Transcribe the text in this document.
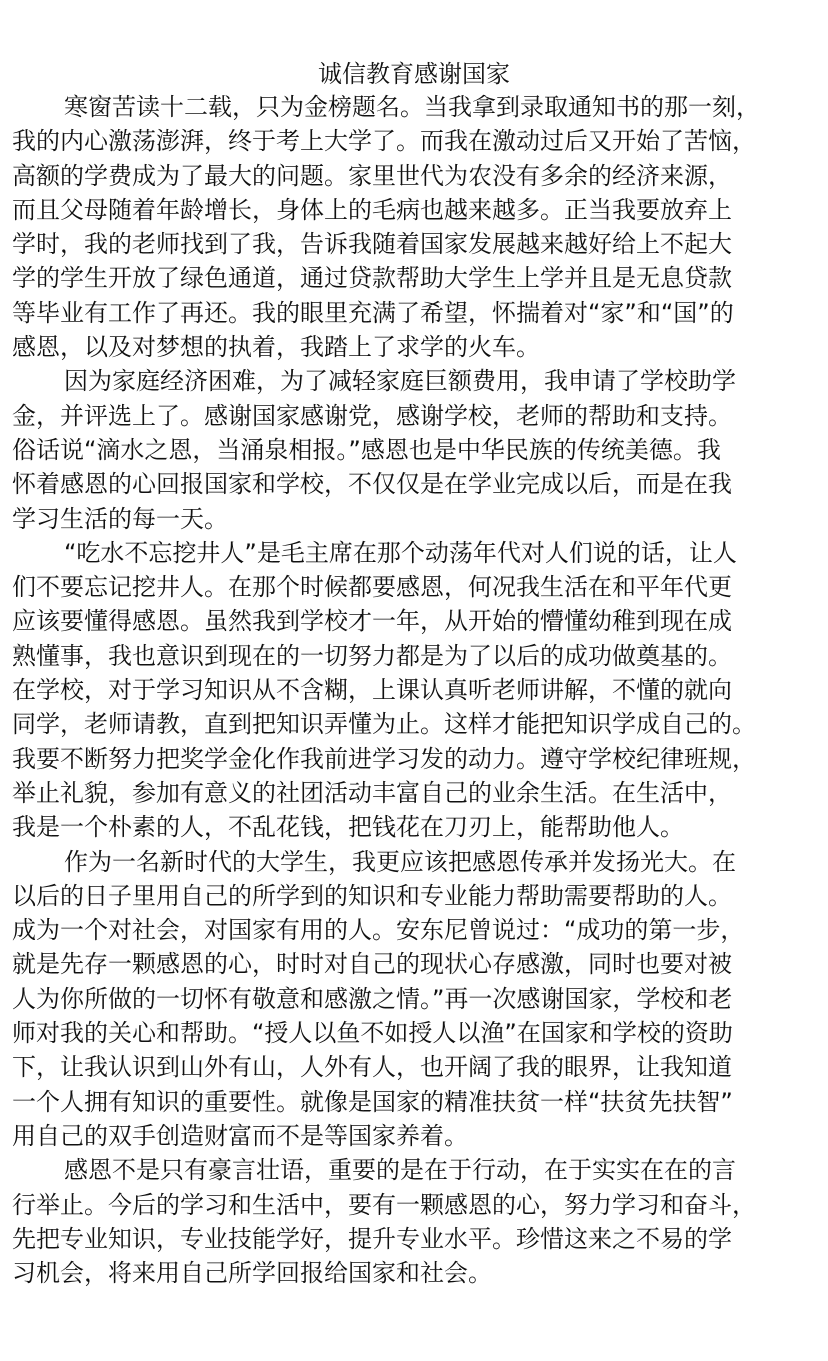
诚信教育感谢国家
寒窗苦读十二载，只为金榜题名。当我拿到录取通知书的那一刻，
我的内心激荡澎湃，终于考上大学了。而我在激动过后又开始了苦恼，
高额的学费成为了最大的问题。家里世代为农没有多余的经济来源，
而且父母随着年龄增长，身体上的毛病也越来越多。正当我要放弃上
学时，我的老师找到了我，告诉我随着国家发展越来越好给上不起大
学的学生开放了绿色通道，通过贷款帮助大学生上学并且是无息贷款
等毕业有工作了再还。我的眼里充满了希望，怀揣着对“家”和“国”的
感恩，以及对梦想的执着，我踏上了求学的火车。
因为家庭经济困难，为了减轻家庭巨额费用，我申请了学校助学
金，并评选上了。感谢国家感谢党，感谢学校，老师的帮助和支持。
俗话说“滴水之恩，当涌泉相报。”感恩也是中华民族的传统美德。我
怀着感恩的心回报国家和学校，不仅仅是在学业完成以后，而是在我
学习生活的每一天。
“吃水不忘挖井人”是毛主席在那个动荡年代对人们说的话，让人
们不要忘记挖井人。在那个时候都要感恩，何况我生活在和平年代更
应该要懂得感恩。虽然我到学校才一年，从开始的懵懂幼稚到现在成
熟懂事，我也意识到现在的一切努力都是为了以后的成功做奠基的。
在学校，对于学习知识从不含糊，上课认真听老师讲解，不懂的就向
同学，老师请教，直到把知识弄懂为止。这样才能把知识学成自己的。
我要不断努力把奖学金化作我前进学习发的动力。遵守学校纪律班规，
举止礼貌，参加有意义的社团活动丰富自己的业余生活。在生活中，
我是一个朴素的人，不乱花钱，把钱花在刀刃上，能帮助他人。
作为一名新时代的大学生，我更应该把感恩传承并发扬光大。在
以后的日子里用自己的所学到的知识和专业能力帮助需要帮助的人。
成为一个对社会，对国家有用的人。安东尼曾说过：“成功的第一步，
就是先存一颗感恩的心，时时对自己的现状心存感激，同时也要对被
人为你所做的一切怀有敬意和感激之情。”再一次感谢国家，学校和老
师对我的关心和帮助。“授人以鱼不如授人以渔”在国家和学校的资助
下，让我认识到山外有山，人外有人，也开阔了我的眼界，让我知道
一个人拥有知识的重要性。就像是国家的精准扶贫一样“扶贫先扶智”
用自己的双手创造财富而不是等国家养着。
感恩不是只有豪言壮语，重要的是在于行动，在于实实在在的言
行举止。今后的学习和生活中，要有一颗感恩的心，努力学习和奋斗，
先把专业知识，专业技能学好，提升专业水平。珍惜这来之不易的学
习机会，将来用自己所学回报给国家和社会。
